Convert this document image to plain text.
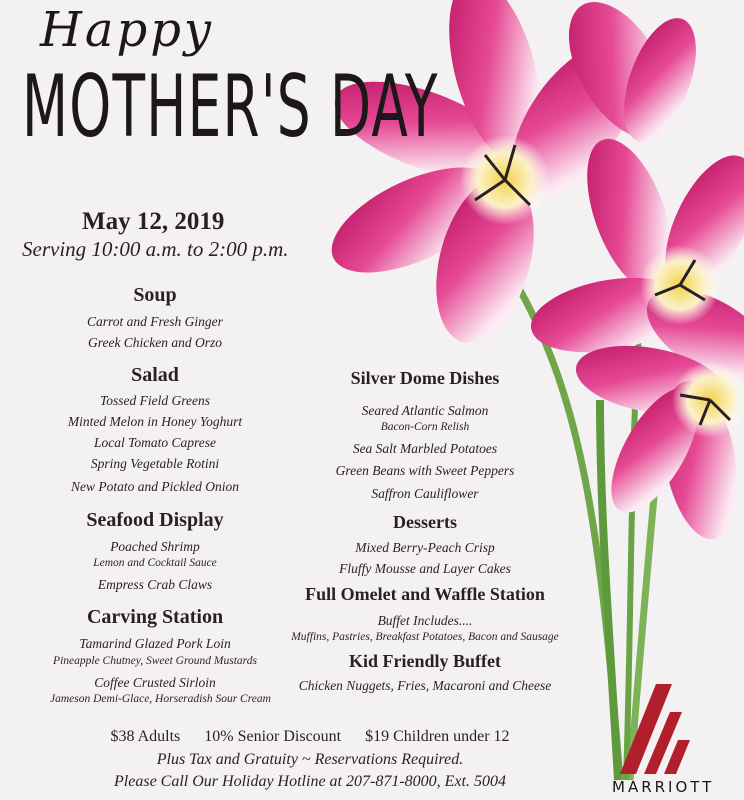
Happy
MOTHER'S DAY
May 12, 2019
Serving 10:00 a.m. to 2:00 p.m.
Soup
Carrot and Fresh Ginger
Greek Chicken and Orzo
Salad
Tossed Field Greens
Minted Melon in Honey Yoghurt
Local Tomato Caprese
Spring Vegetable Rotini
New Potato and Pickled Onion
Seafood Display
Poached Shrimp
Lemon and Cocktail Sauce
Empress Crab Claws
Carving Station
Tamarind Glazed Pork Loin
Pineapple Chutney, Sweet Ground Mustards
Coffee Crusted Sirloin
Jameson Demi-Glace, Horseradish Sour Cream
Silver Dome Dishes
Seared Atlantic Salmon
Bacon-Corn Relish
Sea Salt Marbled Potatoes
Green Beans with Sweet Peppers
Saffron Cauliflower
Desserts
Mixed Berry-Peach Crisp
Fluffy Mousse and Layer Cakes
Full Omelet and Waffle Station
Buffet Includes....
Muffins, Pastries, Breakfast Potatoes, Bacon and Sausage
Kid Friendly Buffet
Chicken Nuggets, Fries, Macaroni and Cheese
$38 Adults 10% Senior Discount $19 Children under 12
Plus Tax and Gratuity ~ Reservations Required.
Please Call Our Holiday Hotline at 207-871-8000, Ext. 5004	MARRIOTT
